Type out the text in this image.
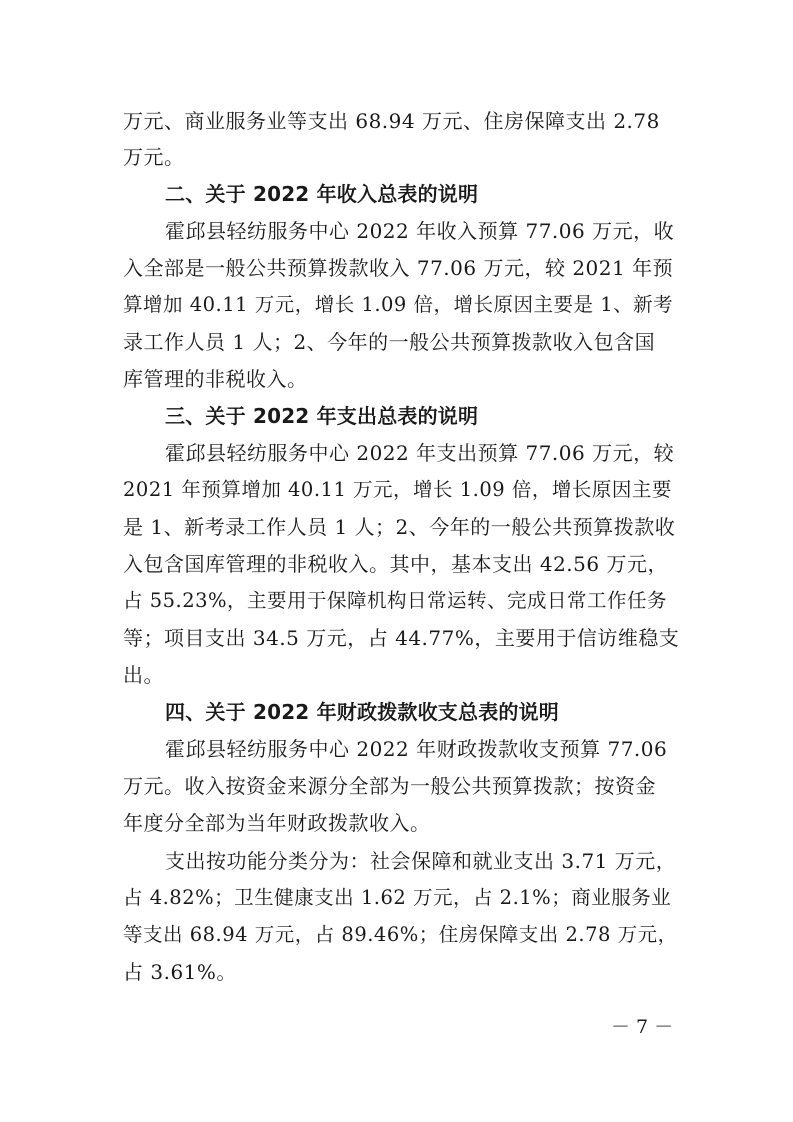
万元、商业服务业等支出 68.94 万元、住房保障支出 2.78
万元。
二、关于 2022 年收入总表的说明
霍邱县轻纺服务中心 2022 年收入预算 77.06 万元，收
入全部是一般公共预算拨款收入 77.06 万元，较 2021 年预
算增加 40.11 万元，增长 1.09 倍，增长原因主要是 1、新考
录工作人员 1 人；2、今年的一般公共预算拨款收入包含国
库管理的非税收入。
三、关于 2022 年支出总表的说明
霍邱县轻纺服务中心 2022 年支出预算 77.06 万元，较
2021 年预算增加 40.11 万元，增长 1.09 倍，增长原因主要
是 1、新考录工作人员 1 人；2、今年的一般公共预算拨款收
入包含国库管理的非税收入。其中，基本支出 42.56 万元，
占 55.23%，主要用于保障机构日常运转、完成日常工作任务
等；项目支出 34.5 万元，占 44.77%，主要用于信访维稳支
出。
四、关于 2022 年财政拨款收支总表的说明
霍邱县轻纺服务中心 2022 年财政拨款收支预算 77.06
万元。收入按资金来源分全部为一般公共预算拨款；按资金
年度分全部为当年财政拨款收入。
支出按功能分类分为：社会保障和就业支出 3.71 万元，
占 4.82%；卫生健康支出 1.62 万元，占 2.1%；商业服务业
等支出 68.94 万元，占 89.46%；住房保障支出 2.78 万元，
占 3.61%。
－ 7 －
